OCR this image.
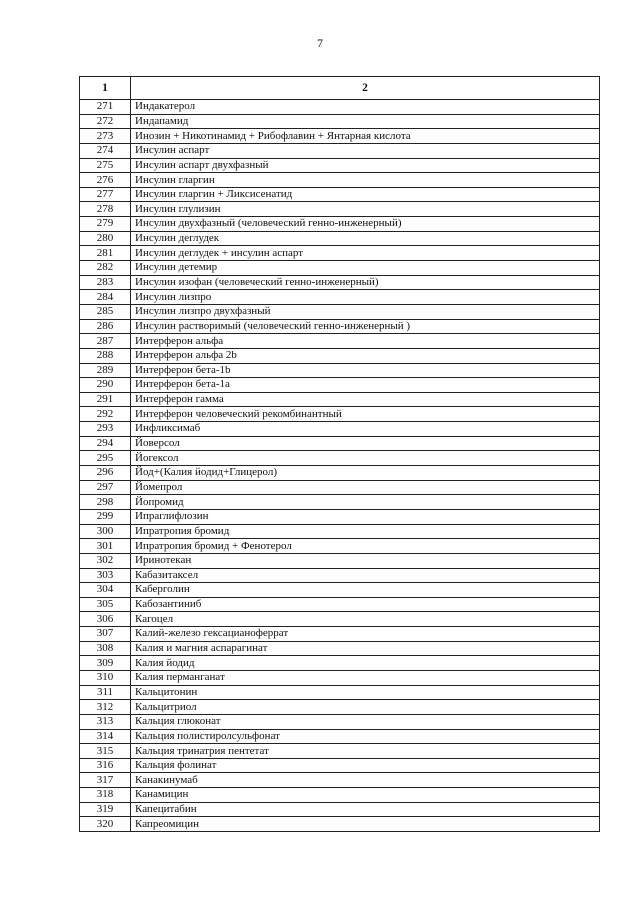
7
1	2
271	Индакатерол
272	Индапамид
273	Инозин + Никотинамид + Рибофлавин + Янтарная кислота
274	Инсулин аспарт
275	Инсулин аспарт двухфазный
276	Инсулин гларгин
277	Инсулин гларгин + Ликсисенатид
278	Инсулин глулизин
279	Инсулин двухфазный (человеческий генно-инженерный)
280	Инсулин деглудек
281	Инсулин деглудек + инсулин аспарт
282	Инсулин детемир
283	Инсулин изофан (человеческий генно-инженерный)
284	Инсулин лизпро
285	Инсулин лизпро двухфазный
286	Инсулин растворимый (человеческий генно-инженерный )
287	Интерферон альфа
288	Интерферон альфа 2b
289	Интерферон бета-1b
290	Интерферон бета-1a
291	Интерферон гамма
292	Интерферон человеческий рекомбинантный
293	Инфликсимаб
294	Йоверсол
295	Йогексол
296	Йод+(Калия йодид+Глицерол)
297	Йомепрол
298	Йопромид
299	Ипраглифлозин
300	Ипратропия бромид
301	Ипратропия бромид + Фенотерол
302	Иринотекан
303	Кабазитаксел
304	Каберголин
305	Кабозантиниб
306	Кагоцел
307	Калий-железо гексацианоферрат
308	Калия и магния аспарагинат
309	Калия йодид
310	Калия перманганат
311	Кальцитонин
312	Кальцитриол
313	Кальция глюконат
314	Кальция полистиролсульфонат
315	Кальция тринатрия пентетат
316	Кальция фолинат
317	Канакинумаб
318	Канамицин
319	Капецитабин
320	Капреомицин
